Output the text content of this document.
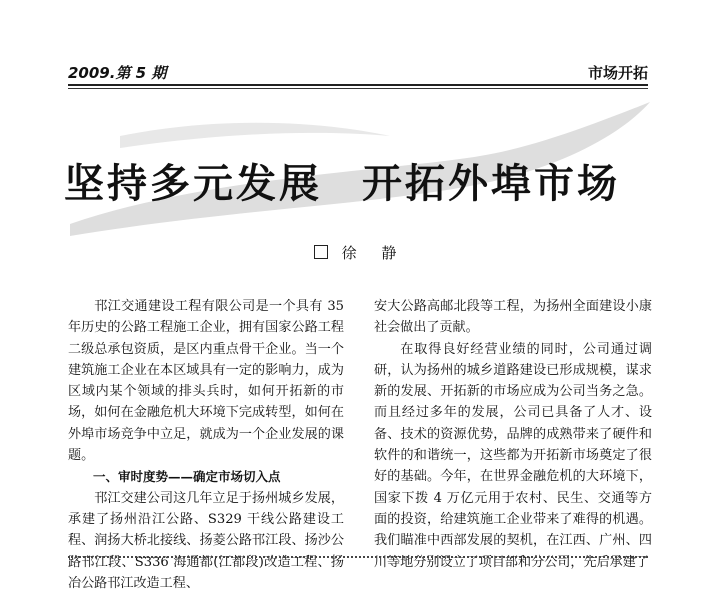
2009.第 5 期	市场开拓
坚持多元发展 开拓外埠市场
徐 静

邗江交通建设工程有限公司是一个具有 35 年历史的公路工程施工企业，拥有国家公路工程二级总承包资质，是区内重点骨干企业。当一个建筑施工企业在本区域具有一定的影响力，成为区域内某个领域的排头兵时，如何开拓新的市场，如何在金融危机大环境下完成转型，如何在外埠市场竞争中立足，就成为一个企业发展的课题。

一、审时度势——确定市场切入点

邗江交建公司这几年立足于扬州城乡发展，承建了扬州沿江公路、S329 干线公路建设工程、润扬大桥北接线、扬菱公路邗江段、扬沙公路邗江段、S336 海通都(江都段)改造工程、扬冶公路邗江改造工程、

安大公路高邮北段等工程，为扬州全面建设小康社会做出了贡献。

在取得良好经营业绩的同时，公司通过调研，认为扬州的城乡道路建设已形成规模，谋求新的发展、开拓新的市场应成为公司当务之急。而且经过多年的发展，公司已具备了人才、设备、技术的资源优势，品牌的成熟带来了硬件和软件的和谐统一，这些都为开拓新市场奠定了很好的基础。今年，在世界金融危机的大环境下，国家下拨 4 万亿元用于农村、民生、交通等方面的投资，给建筑施工企业带来了难得的机遇。我们瞄准中西部发展的契机，在江西、广州、四川等地分别设立了项目部和分公司，先后承建了
